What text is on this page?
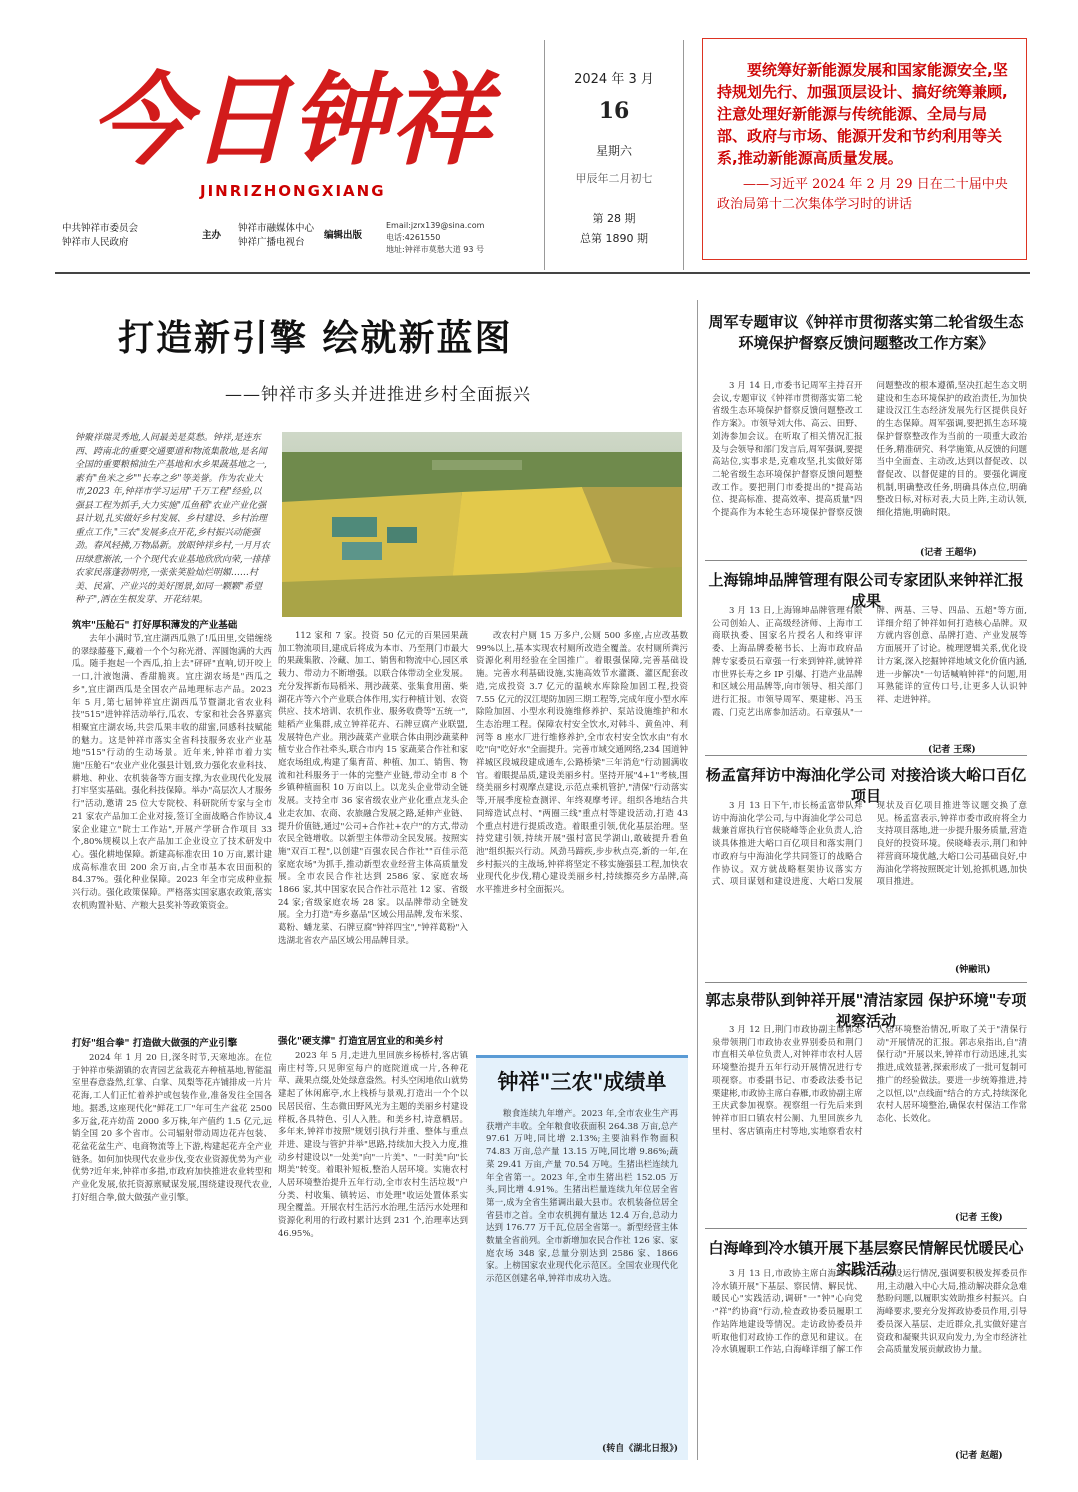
今日钟祥
JINRIZHONGXIANG
中共钟祥市委员会
钟祥市人民政府
主办
钟祥市融媒体中心
钟祥广播电视台
编辑出版
Email:jzrx139@sina.com
电话:4261550
地址:钟祥市莫愁大道 93 号
2024 年 3 月
16
星期六
甲辰年二月初七
第 28 期
总第 1890 期
要统筹好新能源发展和国家能源安全,坚持规划先行、加强顶层设计、搞好统筹兼顾,注意处理好新能源与传统能源、全局与局部、政府与市场、能源开发和节约利用等关系,推动新能源高质量发展。
——习近平 2024 年 2 月 29 日在二十届中央政治局第十二次集体学习时的讲话
打造新引擎 绘就新蓝图
——钟祥市多头并进推进乡村全面振兴
钟聚祥瑞灵秀地,人间最美是莫愁。钟祥,是连东西、跨南北的重要交通要道和物流集散地,是名闻全国的重要粮棉油生产基地和水乡果蔬基地之一,素有"鱼米之乡""长寿之乡"等美誉。作为农业大市,2023 年,钟祥市学习运用"千万工程"经验,以强县工程为抓手,大力实施"瓜鱼稻"农业产业化强县计划,扎实做好乡村发展、乡村建设、乡村治理重点工作,"三农"发展多点开花,乡村振兴动能强劲。春风轻拂,万物晶新。放眼钟祥乡村,一月月农田绿意渐浓,一个个现代农业基地欣欣向荣,一排排农家民落蓬勃明亮,一张张笑脸灿烂明媚……村美、民富、产业兴的美好图景,如同一颗颗"希望种子",洒在生根发芽、开花结果。
筑牢"压舱石" 打好厚积薄发的产业基础
去年小满时节,宜庄湖西瓜熟了!瓜田里,交错缠绕的翠绿藤蔓下,藏着一个个匀称光滑、浑圆饱满的大西瓜。随手抱起一个西瓜,拍上去"砰砰"直响,切开咬上一口,汁液饱满、香甜脆爽。宜庄湖农场是"西瓜之乡",宜庄湖西瓜是全国农产品地理标志产品。2023 年 5 月,第七届钟祥宜庄湖西瓜节暨湖北省农业科技"515"进钟祥活动举行,瓜农、专家和社会各界嘉宾相聚宜庄湖农场,共尝瓜果丰收的甜蜜,同感科技赋能的魅力。这是钟祥市落实全省科技服务农业产业基地"515"行动的生动场景。近年来,钟祥市着力实施"压舱石"农业产业化强县计划,致力强化农业科技、耕地、种业、农机装备等方面支撑,为农业现代化发展打牢坚实基础。强化科技保障。举办"高层次人才服务行"活动,邀请 25 位大专院校、科研院所专家与全市 21 家农产品加工企业对接,签订全面战略合作协议,4 家企业建立"院士工作站",开展产学研合作项目 33 个,80%规模以上农产品加工企业设立了技术研发中心。强化耕地保障。新建高标准农田 10 万亩,累计建成高标准农田 200 余万亩,占全市基本农田面积的 84.37%。强化种业保障。2023 年全市完成种业振兴行动。强化政策保障。严格落实国家惠农政策,落实农机购置补贴、产粮大县奖补等政策资金。
打好"组合拳" 打造做大做强的产业引擎
2024 年 1 月 20 日,深冬时节,天寒地冻。在位于钟祥市柴湖镇的农青园艺盆栽花卉种植基地,智能温室里春意盎然,红掌、白掌、凤梨等花卉铺排成一片片花海,工人们正忙着养护或包装作业,准备发往全国各地。据悉,这座现代化"鲜花工厂"年可生产盆花 2500 多万盆,花卉幼苗 2000 多万株,年产值约 1.5 亿元,远销全国 20 多个省市。公司辐射带动周边花卉包装、花盆花盆生产、电商物流等上下游,构建起花卉全产业链条。如何加快现代农业步伐,变农业资源优势为产业优势?近年来,钟祥市多措,市政府加快推进农业转型和产业化发展,依托资源禀赋谋发展,围绕建设现代农业,打好组合拳,做大做强产业引擎。
112 家和 7 家。投资 50 亿元的百果园果蔬加工物流项目,建成后将成为本市、乃至荆门市最大的果蔬集散、冷藏、加工、销售和物流中心,园区承载力、带动力不断增强。以联合体带动全业发展。充分发挥新布局稻米、荆沙蔬菜、张集食用菌、柴湖花卉等六个产业联合体作用,实行种植计划、农资供应、技术培训、农机作业、服务收费等"五统一",蛙稻产业集群,成立钟祥花卉、石牌豆腐产业联盟,发展特色产业。荆沙蔬菜产业联合体由荆沙蔬菜种植专业合作社牵头,联合市内 15 家蔬菜合作社和家庭农场组成,构建了集育苗、种植、加工、销售、物流和社科服务于一体的完整产业链,带动全市 8 个乡镇种植面积 10 万亩以上。以龙头企业带动全链发展。支持全市 36 家省级农业产业化重点龙头企业走农加、农商、农旅融合发展之路,延伸产业链、提升价值链,通过"公司+合作社+农户"的方式,带动农民全链增收。以新型主体带动全民发展。按照实施"双百工程",以创建"百强农民合作社""百佳示范家庭农场"为抓手,推动新型农业经营主体高质量发展。全市农民合作社达到 2586 家、家庭农场 1866 家,其中国家农民合作社示范社 12 家、省级 24 家;省级家庭农场 28 家。以品牌带动全链发展。全力打造"寿乡嘉品"区域公用品牌,发布米浆、葛粉、蟠龙菜、石牌豆腐"钟祥四宝","钟祥葛粉"入选湖北省农产品区域公用品牌目录。
强化"硬支撑" 打造宜居宜业的和美乡村
2023 年 5 月,走进九里回族乡杨桥村,客店镇南庄村等,只见卵室每户的庭院道成一片,各种花草、蔬果点缀,处处绿意盎然。村头空闲地依山就势建起了休闲廊亭,水上栈桥与景观,打造出一个个以民居民宿、生态微田野风光为主题的美丽乡村建设样板,各具特色、引人入胜。和美乡村,诗意栖居。多年来,钟祥市按照"规划引执行并重、整体与重点并进、建设与管护并举"思路,持续加大投入力度,推动乡村建设以"一处美"向"一片美"、"一时美"向"长期美"转变。着眼补短板,整治人居环境。实施农村人居环境整治提升五年行动,全市农村生活垃圾"户分类、村收集、镇转运、市处理"收运处置体系实现全覆盖。开展农村生活污水治理,生活污水处理和资源化利用的行政村累计达到 231 个,治理率达到 46.95%。
改农村户厕 15 万多户,公厕 500 多座,占应改基数 99%以上,基本实现农村厕所改造全覆盖。农村厕所粪污资源化利用经验在全国推广。着眼强保障,完善基础设施。完善水利基础设施,实施高效节水灌溉、灌区配套改造,完成投资 3.7 亿元的温峡水库除险加固工程,投资 7.55 亿元的汉江堤防加固三期工程等,完成年度小型水库除险加固、小型水利设施维修养护、泵站设施维护和水生态治理工程。保障农村安全饮水,对韩斗、黄鱼冲、利河等 8 座水厂进行维修养护,全市农村安全饮水由"有水吃"向"吃好水"全面提升。完善市域交通网络,234 国道钟祥城区段城段建成通车,公路桥梁"三年消危"行动圆满收官。着眼提品质,建设美丽乡村。坚持开展"4+1"考核,围绕美丽乡村观摩点建设,示范点乘机管护,"清保"行动落实等,开展季度检查测评、年终观摩考评。组织各地结合共同缔造试点村、"两圈三线"重点村等建设活动,打造 43 个重点村进行提质改造。着眼重引领,优化基层治理。坚持党建引领,持续开展"强村富民学湖山,敢破提升看鱼池"组织振兴行动。风劲马蹄疾,步步秋点亮,新的一年,在乡村振兴的主战场,钟祥将坚定不移实施强县工程,加快农业现代化步伐,精心建设美丽乡村,持续擦亮乡方品牌,高水平推进乡村全面振兴。
钟祥"三农"成绩单
粮食连续九年增产。2023 年,全市农业生产再获增产丰收。全年粮食收获面积 264.38 万亩,总产 97.61 万吨,同比增 2.13%;主要油料作物面积 74.83 万亩,总产量 13.15 万吨,同比增 9.86%;蔬菜 29.41 万亩,产量 70.54 万吨。生猪出栏连续九年全省第一。2023 年,全市生猪出栏 152.05 万头,同比增 4.91%。生猪出栏量连续九年位居全省第一,成为全省生猪调出最大县市。农机装备位居全省县市之首。全市农机拥有量达 12.4 万台,总动力达到 176.77 万千瓦,位居全省第一。新型经营主体数量全省前列。全市新增加农民合作社 126 家、家庭农场 348 家,总量分别达到 2586 家、1866 家。上榜国家农业现代化示范区。全国农业现代化示范区创建名单,钟祥市成功入选。
(转自《湖北日报》)
周军专题审议《钟祥市贯彻落实第二轮省级生态环境保护督察反馈问题整改工作方案》
3 月 14 日,市委书记周军主持召开会议,专题审议《钟祥市贯彻落实第二轮省级生态环境保护督察反馈问题整改工作方案》。市领导刘大伟、高云、田野、刘涛参加会议。在听取了相关情况汇报及与会领导和部门发言后,周军强调,要提高站位,实事求是,克难攻坚,扎实做好第二轮省级生态环境保护督察反馈问题整改工作。要把荆门市委提出的"提高站位、提高标准、提高效率、提高质量"四个提高作为本轮生态环境保护督察反馈问题整改的根本遵循,坚决扛起生态文明建设和生态环境保护的政治责任,为加快建设汉江生态经济发展先行区提供良好的生态保障。周军强调,要把抓生态环境保护督察整改作为当前的一项重大政治任务,精准研究、科学施策,从反馈的问题当中全面查、主动改,达到以督促改、以督促改、以督促建的目的。要强化调度机制,明确整改任务,明确具体点位,明确整改日标,对标对表,大员上阵,主动认领,细化措施,明确时限。
(记者 王超华)
上海锦坤品牌管理有限公司专家团队来钟祥汇报成果
3 月 13 日,上海锦坤品牌管理有限公司创始人、正高级经济师、上海市工商联执委、国家名片授名人和终审评委、上海品牌委秘书长、上海市政府品牌专家委员石章强一行来到钟祥,就钟祥市世界长寿之乡 IP 引爆、打造产业品牌和区域公用品牌等,向市领导、相关部门进行汇报。市领导周军、栗建彬、冯玉霞、门克艺出席参加活动。石章强从"一牌、两基、三导、四品、五超"等方面,详细介绍了钟祥如何打造核心品牌。双方就内容创意、品牌打造、产业发展等方面展开了讨论。梳理逻辑关系,优化设计方案,深入挖掘钟祥地域文化价值内涵,进一步解决"一句话喊响钟祥"的问题,用耳熟能详的宣传口号,让更多人认识钟祥、走进钟祥。
(记者 王琛)
杨孟富拜访中海油化学公司 对接洽谈大峪口百亿项目
3 月 13 日下午,市长杨孟富带队拜访中海油化学公司,与中海油化学公司总裁兼首席执行官侯晓峰等企业负责人,洽谈具体推进大峪口百亿项目和落实荆门市政府与中海油化学共同签订的战略合作协议。双方就战略框架协议落实方式、项目谋划和建设进度、大峪口发展现状及百亿项目推进等议题交换了意见。杨孟富表示,钟祥市委市政府将全力支持项目落地,进一步提升服务质量,营造良好的投资环境。侯晓峰表示,荆门和钟祥营商环境优越,大峪口公司基础良好,中海油化学将按照既定计划,抢抓机遇,加快项目推进。
(钟融讯)
郭志泉带队到钟祥开展"清洁家园 保护环境"专项视察活动
3 月 12 日,荆门市政协副主席郭志泉带领荆门市政协农业界别委员和荆门市直相关单位负责人,对钟祥市农村人居环境整治提升五年行动开展情况进行专项视察。市委副书记、市委政法委书记栗建彬,市政协主席白春雁,市政协副主席王庆武参加视察。视察组一行先后来到钟祥市旧口镇农村公厕、九里回族乡九里村、客店镇南庄村等地,实地察看农村人居环境整治情况,听取了关于"清保行动"开展情况的汇报。郭志泉指出,自"清保行动"开展以来,钟祥市行动迅速,扎实推进,成效显著,探索形成了一批可复制可推广的经验做法。要进一步统筹推进,持之以恒,以"点线面"结合的方式,持续深化农村人居环境整治,确保农村保洁工作常态化、长效化。
(记者 王俊)
白海峰到冷水镇开展下基层察民情解民忧暖民心实践活动
3 月 13 日,市政协主席白海峰来到冷水镇开展"下基层、察民情、解民忧、暖民心"实践活动,调研"一"钟"心向党·"祥"约协商"行动,检查政协委员履职工作站阵地建设等情况。走访政协委员并听取他们对政协工作的意见和建议。在冷水镇履职工作站,白海峰详细了解工作站建设运行情况,强调要积极发挥委员作用,主动融入中心大局,推动解决群众急难愁盼问题,以履职实效助推乡村振兴。白海峰要求,要充分发挥政协委员作用,引导委员深入基层、走近群众,扎实做好建言资政和凝聚共识双向发力,为全市经济社会高质量发展贡献政协力量。
(记者 赵超)
